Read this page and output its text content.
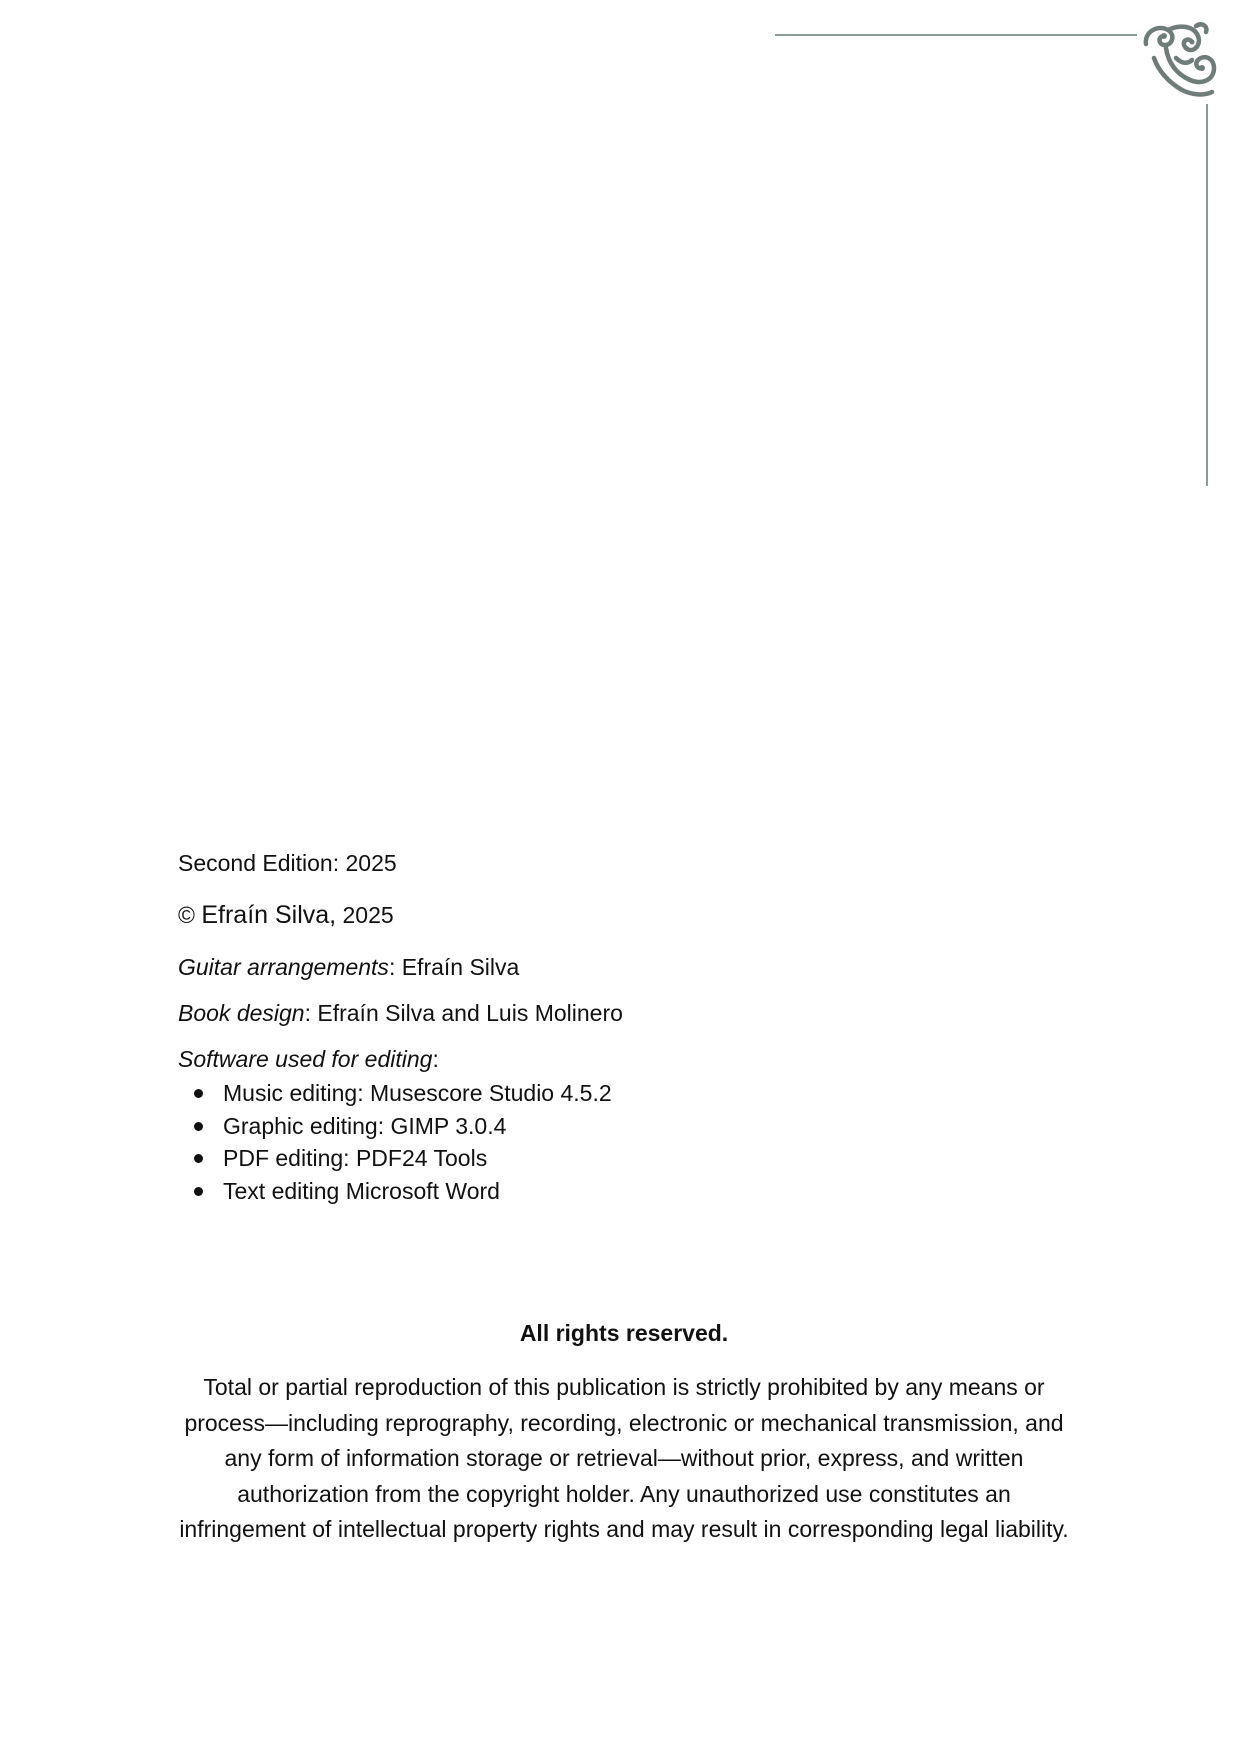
Second Edition: 2025

© Efraín Silva, 2025

Guitar arrangements: Efraín Silva

Book design: Efraín Silva and Luis Molinero

Software used for editing:

Music editing: Musescore Studio 4.5.2
Graphic editing: GIMP 3.0.4
PDF editing: PDF24 Tools
Text editing Microsoft Word

All rights reserved.

Total or partial reproduction of this publication is strictly prohibited by any means or process—including reprography, recording, electronic or mechanical transmission, and any form of information storage or retrieval—without prior, express, and written authorization from the copyright holder. Any unauthorized use constitutes an infringement of intellectual property rights and may result in corresponding legal liability.
